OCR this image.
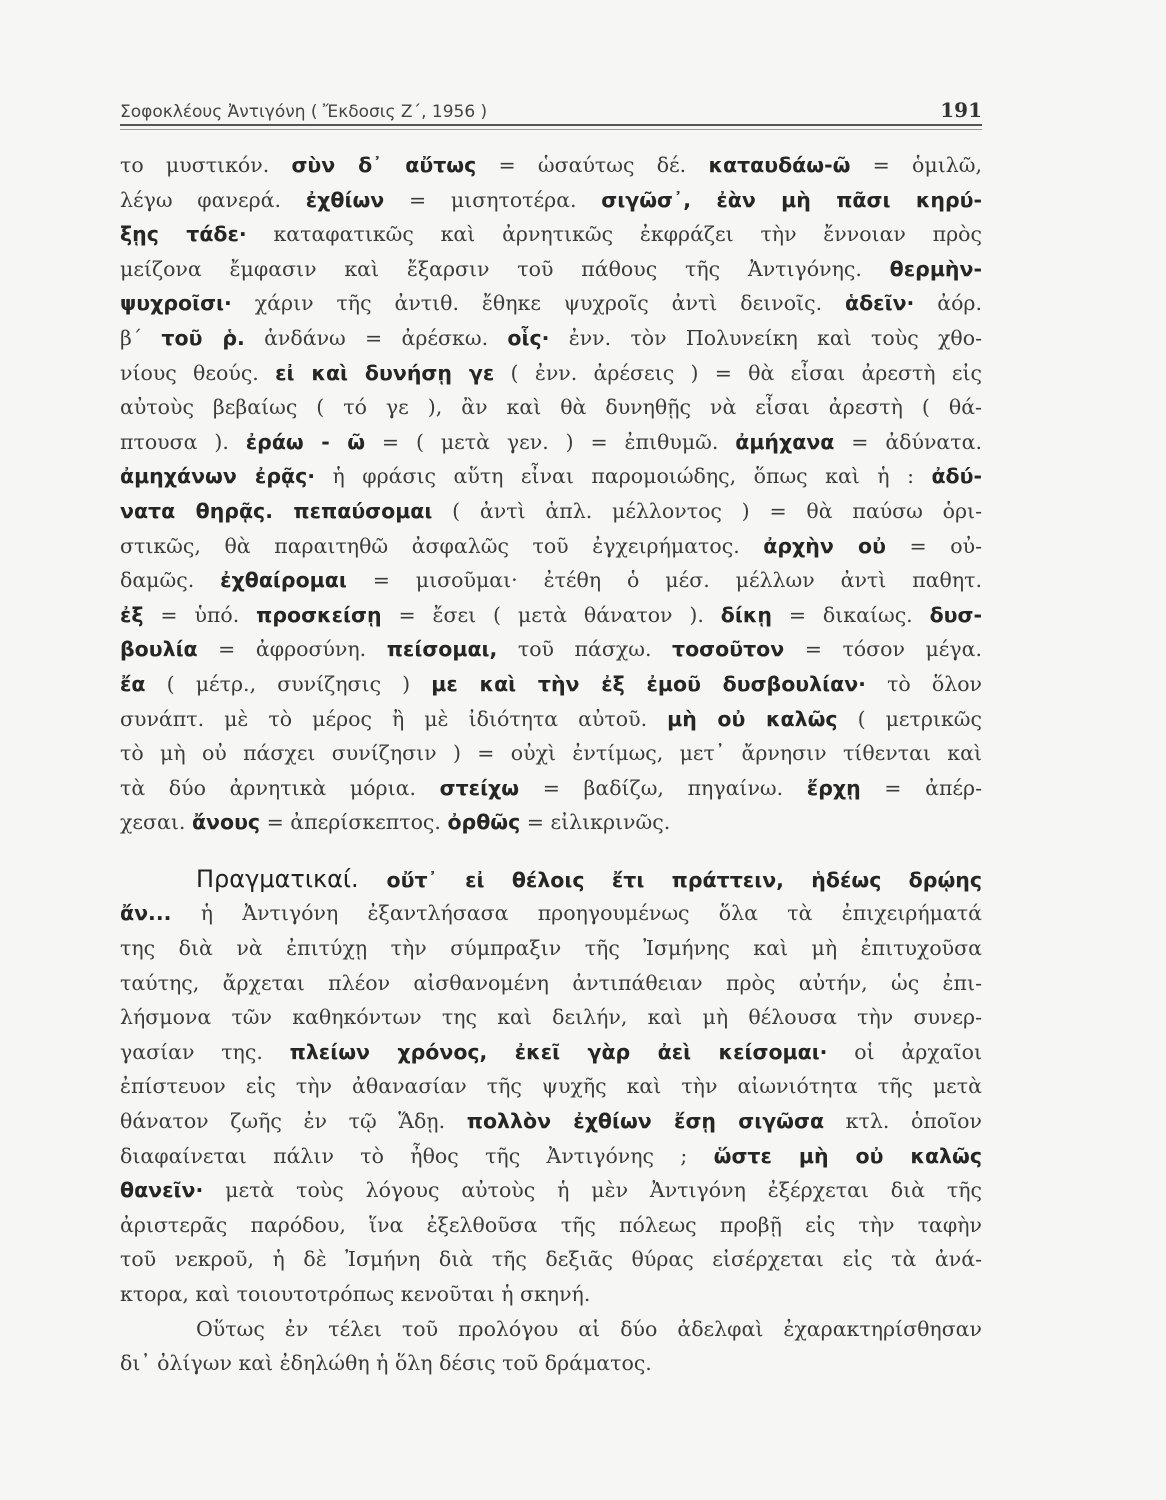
Σοφοκλέους Ἀντιγόνη ( Ἔκδοσις Ζ΄, 1956 )	191
το μυστικόν. σὺν δ᾿ αὔτως = ὡσαύτως δέ. καταυδάω-ῶ = ὁμιλῶ,
λέγω φανερά. ἐχθίων = μισητοτέρα. σιγῶσ᾿, ἐὰν μὴ πᾶσι κηρύ-
ξῃς τάδε· καταφατικῶς καὶ ἀρνητικῶς ἐκφράζει τὴν ἔννοιαν πρὸς
μείζονα ἔμφασιν καὶ ἔξαρσιν τοῦ πάθους τῆς Ἀντιγόνης. θερμὴν-
ψυχροῖσι· χάριν τῆς ἀντιθ. ἔθηκε ψυχροῖς ἀντὶ δεινοῖς. ἁδεῖν· ἀόρ.
β΄ τοῦ ῥ. ἁνδάνω = ἀρέσκω. οἷς· ἐνν. τὸν Πολυνείκη καὶ τοὺς χθο-
νίους θεούς. εἰ καὶ δυνήσῃ γε ( ἐνν. ἀρέσεις ) = θὰ εἶσαι ἀρεστὴ εἰς
αὐτοὺς βεβαίως ( τό γε ), ἂν καὶ θὰ δυνηθῇς νὰ εἶσαι ἀρεστὴ ( θά-
πτουσα ). ἐράω - ῶ = ( μετὰ γεν. ) = ἐπιθυμῶ. ἀμήχανα = ἀδύνατα.
ἀμηχάνων ἐρᾷς· ἡ φράσις αὕτη εἶναι παρομοιώδης, ὅπως καὶ ἡ : ἀδύ-
νατα θηρᾷς. πεπαύσομαι ( ἀντὶ ἁπλ. μέλλοντος ) = θὰ παύσω ὁρι-
στικῶς, θὰ παραιτηθῶ ἀσφαλῶς τοῦ ἐγχειρήματος. ἀρχὴν οὐ = οὐ-
δαμῶς. ἐχθαίρομαι = μισοῦμαι· ἐτέθη ὁ μέσ. μέλλων ἀντὶ παθητ.
ἐξ = ὑπό. προσκείσῃ = ἔσει ( μετὰ θάνατον ). δίκῃ = δικαίως. δυσ-
βουλία = ἀφροσύνη. πείσομαι, τοῦ πάσχω. τοσοῦτον = τόσον μέγα.
ἔα ( μέτρ., συνίζησις ) με καὶ τὴν ἐξ ἐμοῦ δυσβουλίαν· τὸ ὅλον
συνάπτ. μὲ τὸ μέρος ἢ μὲ ἰδιότητα αὐτοῦ. μὴ οὐ καλῶς ( μετρικῶς
τὸ μὴ οὐ πάσχει συνίζησιν ) = οὐχὶ ἐντίμως, μετ᾿ ἄρνησιν τίθενται καὶ
τὰ δύο ἀρνητικὰ μόρια. στείχω = βαδίζω, πηγαίνω. ἔρχῃ = ἀπέρ-
χεσαι. ἄνους = ἀπερίσκεπτος. ὀρθῶς = εἰλικρινῶς.
Πραγματικαί. οὔτ᾿ εἰ θέλοις ἔτι πράττειν, ἡδέως δρῴης
ἄν... ἡ Ἀντιγόνη ἐξαντλήσασα προηγουμένως ὅλα τὰ ἐπιχειρήματά
της διὰ νὰ ἐπιτύχῃ τὴν σύμπραξιν τῆς Ἰσμήνης καὶ μὴ ἐπιτυχοῦσα
ταύτης, ἄρχεται πλέον αἰσθανομένη ἀντιπάθειαν πρὸς αὐτήν, ὡς ἐπι-
λήσμονα τῶν καθηκόντων της καὶ δειλήν, καὶ μὴ θέλουσα τὴν συνερ-
γασίαν της. πλείων χρόνος, ἐκεῖ γὰρ ἀεὶ κείσομαι· οἱ ἀρχαῖοι
ἐπίστευον εἰς τὴν ἀθανασίαν τῆς ψυχῆς καὶ τὴν αἰωνιότητα τῆς μετὰ
θάνατον ζωῆς ἐν τῷ Ἅδῃ. πολλὸν ἐχθίων ἔσῃ σιγῶσα κτλ. ὁποῖον
διαφαίνεται πάλιν τὸ ἦθος τῆς Ἀντιγόνης ; ὥστε μὴ οὐ καλῶς
θανεῖν· μετὰ τοὺς λόγους αὐτοὺς ἡ μὲν Ἀντιγόνη ἐξέρχεται διὰ τῆς
ἀριστερᾶς παρόδου, ἵνα ἐξελθοῦσα τῆς πόλεως προβῇ εἰς τὴν ταφὴν
τοῦ νεκροῦ, ἡ δὲ Ἰσμήνη διὰ τῆς δεξιᾶς θύρας εἰσέρχεται εἰς τὰ ἀνά-
κτορα, καὶ τοιουτοτρόπως κενοῦται ἡ σκηνή.
Οὕτως ἐν τέλει τοῦ προλόγου αἱ δύο ἀδελφαὶ ἐχαρακτηρίσθησαν
δι᾿ ὀλίγων καὶ ἐδηλώθη ἡ ὅλη δέσις τοῦ δράματος.
